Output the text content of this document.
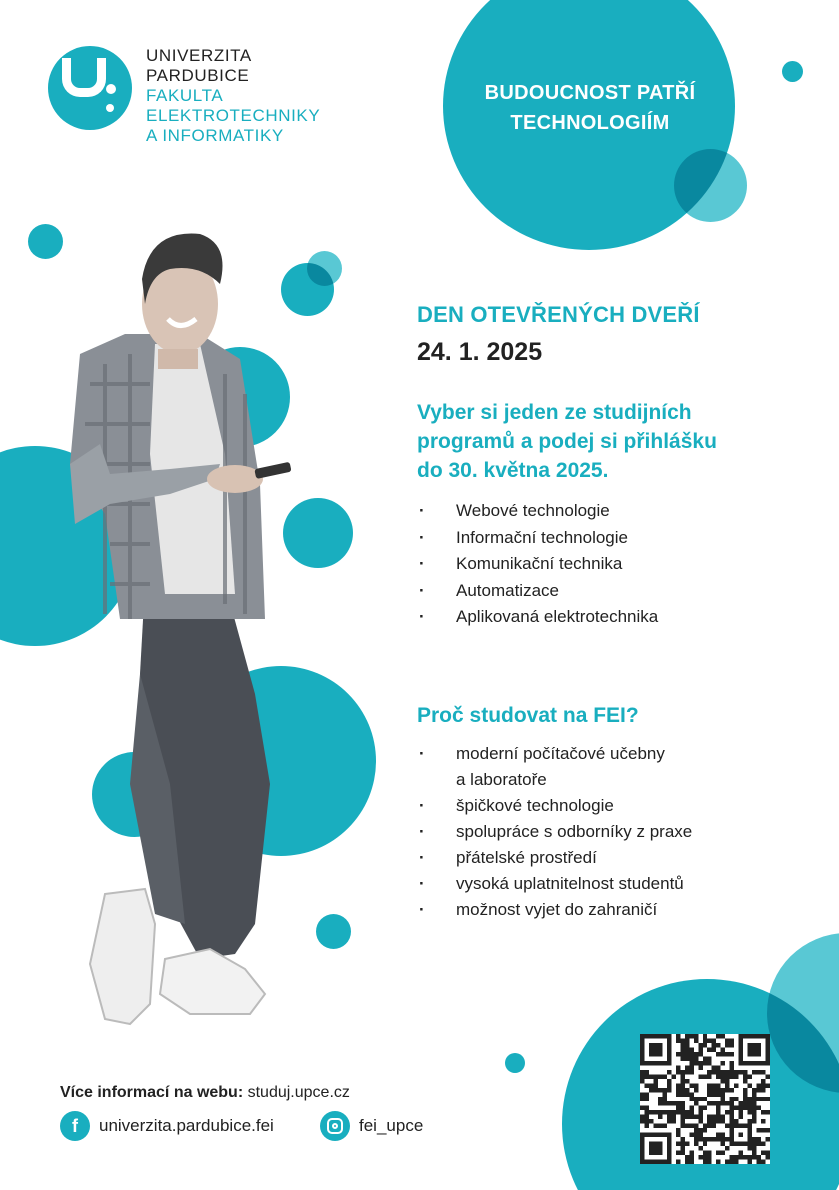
UNIVERZITA
PARDUBICE
FAKULTA
ELEKTROTECHNIKY
A INFORMATIKY
BUDOUCNOST PATŘÍ
TECHNOLOGIÍM
DEN OTEVŘENÝCH DVEŘÍ
24. 1. 2025
Vyber si jeden ze studijních
programů a podej si přihlášku
do 30. května 2025.
· Webové technologie
· Informační technologie
· Komunikační technika
· Automatizace
· Aplikovaná elektrotechnika
Proč studovat na FEI?
· moderní počítačové učebny
a laboratoře
· špičkové technologie
· spolupráce s odborníky z praxe
· přátelské prostředí
· vysoká uplatnitelnost studentů
· možnost vyjet do zahraničí
Více informací na webu: studuj.upce.cz
f	univerzita.pardubice.fei	fei_upce
